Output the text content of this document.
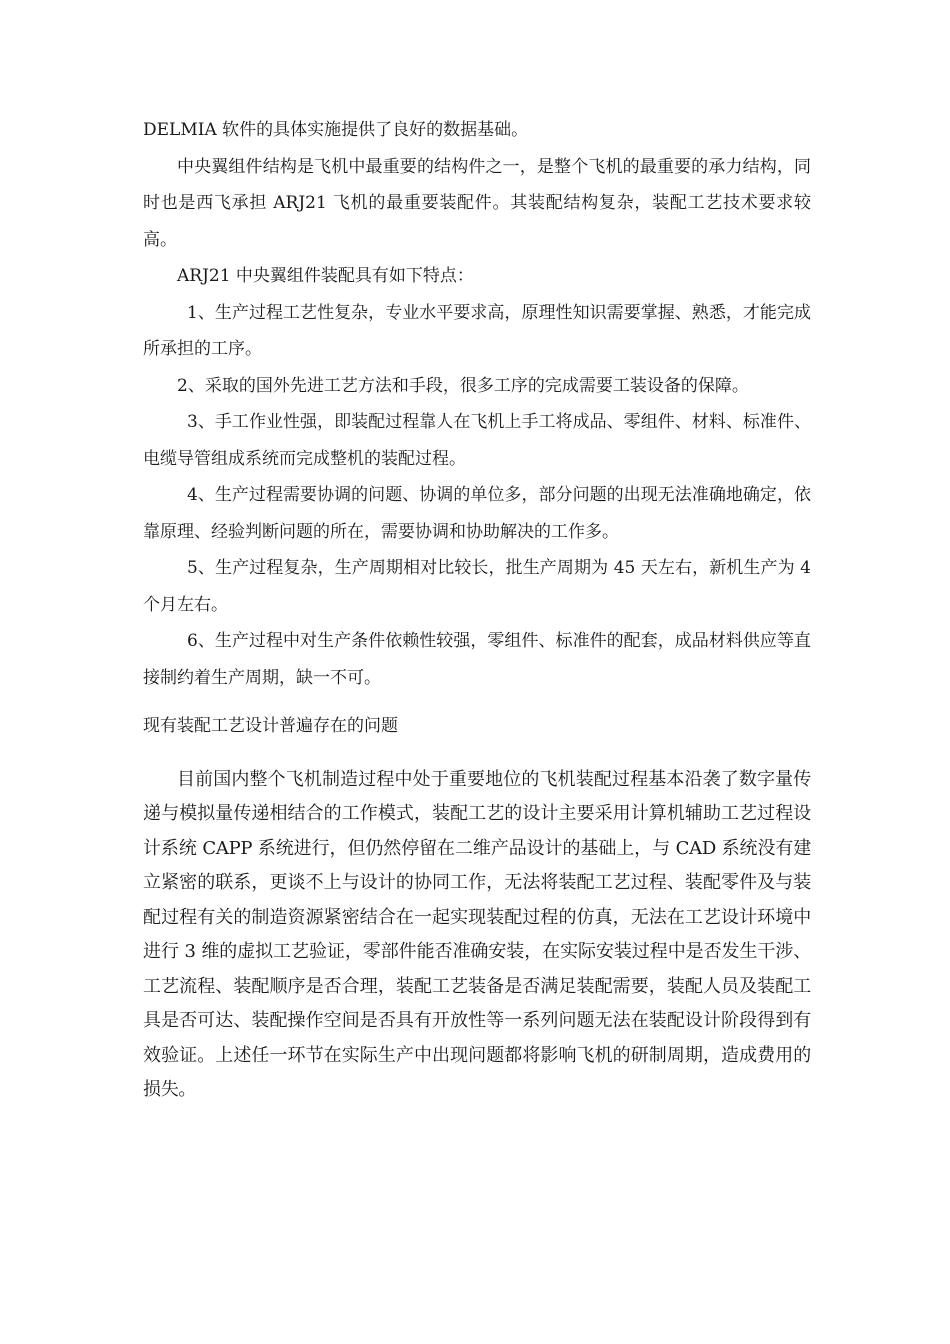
DELMIA 软件的具体实施提供了良好的数据基础。

中央翼组件结构是飞机中最重要的结构件之一，是整个飞机的最重要的承力结构，同时也是西飞承担 ARJ21 飞机的最重要装配件。其装配结构复杂，装配工艺技术要求较高。

ARJ21 中央翼组件装配具有如下特点：

1、生产过程工艺性复杂，专业水平要求高，原理性知识需要掌握、熟悉，才能完成所承担的工序。

2、采取的国外先进工艺方法和手段，很多工序的完成需要工装设备的保障。

3、手工作业性强，即装配过程靠人在飞机上手工将成品、零组件、材料、标准件、电缆导管组成系统而完成整机的装配过程。

4、生产过程需要协调的问题、协调的单位多，部分问题的出现无法准确地确定，依靠原理、经验判断问题的所在，需要协调和协助解决的工作多。

5、生产过程复杂，生产周期相对比较长，批生产周期为 45 天左右，新机生产为 4 个月左右。

6、生产过程中对生产条件依赖性较强，零组件、标准件的配套，成品材料供应等直接制约着生产周期，缺一不可。

现有装配工艺设计普遍存在的问题

目前国内整个飞机制造过程中处于重要地位的飞机装配过程基本沿袭了数字量传递与模拟量传递相结合的工作模式，装配工艺的设计主要采用计算机辅助工艺过程设计系统 CAPP 系统进行，但仍然停留在二维产品设计的基础上，与 CAD 系统没有建立紧密的联系，更谈不上与设计的协同工作，无法将装配工艺过程、装配零件及与装配过程有关的制造资源紧密结合在一起实现装配过程的仿真，无法在工艺设计环境中进行 3 维的虚拟工艺验证，零部件能否准确安装，在实际安装过程中是否发生干涉、工艺流程、装配顺序是否合理，装配工艺装备是否满足装配需要，装配人员及装配工具是否可达、装配操作空间是否具有开放性等一系列问题无法在装配设计阶段得到有效验证。上述任一环节在实际生产中出现问题都将影响飞机的研制周期，造成费用的损失。
